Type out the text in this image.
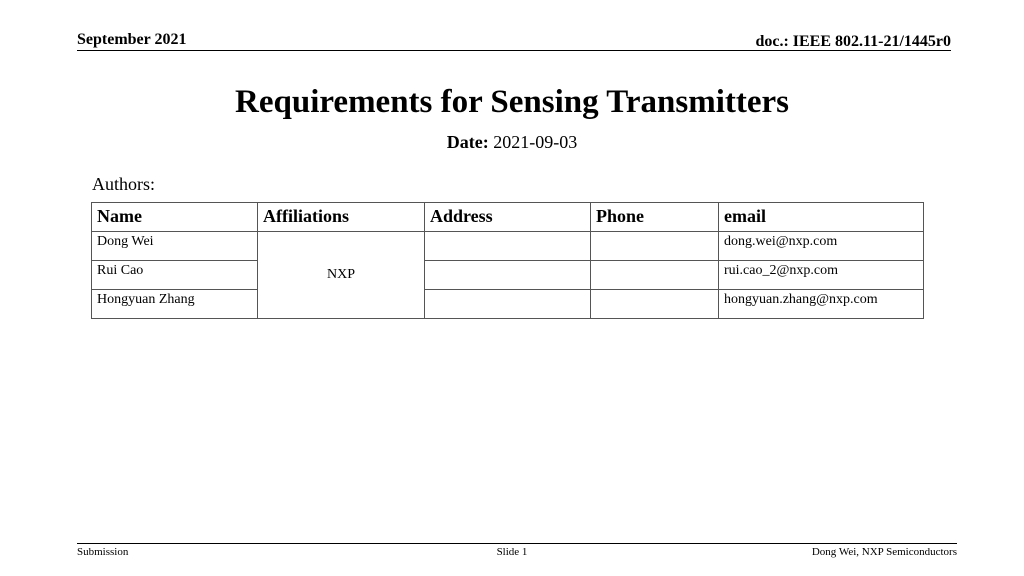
September 2021	doc.: IEEE 802.11-21/1445r0
Requirements for Sensing Transmitters
Date: 2021-09-03
Authors:
Name	Affiliations	Address	Phone	email
Dong Wei	NXP			dong.wei@nxp.com
Rui Cao				rui.cao_2@nxp.com
Hongyuan Zhang				hongyuan.zhang@nxp.com
Submission	Slide 1	Dong Wei, NXP Semiconductors
